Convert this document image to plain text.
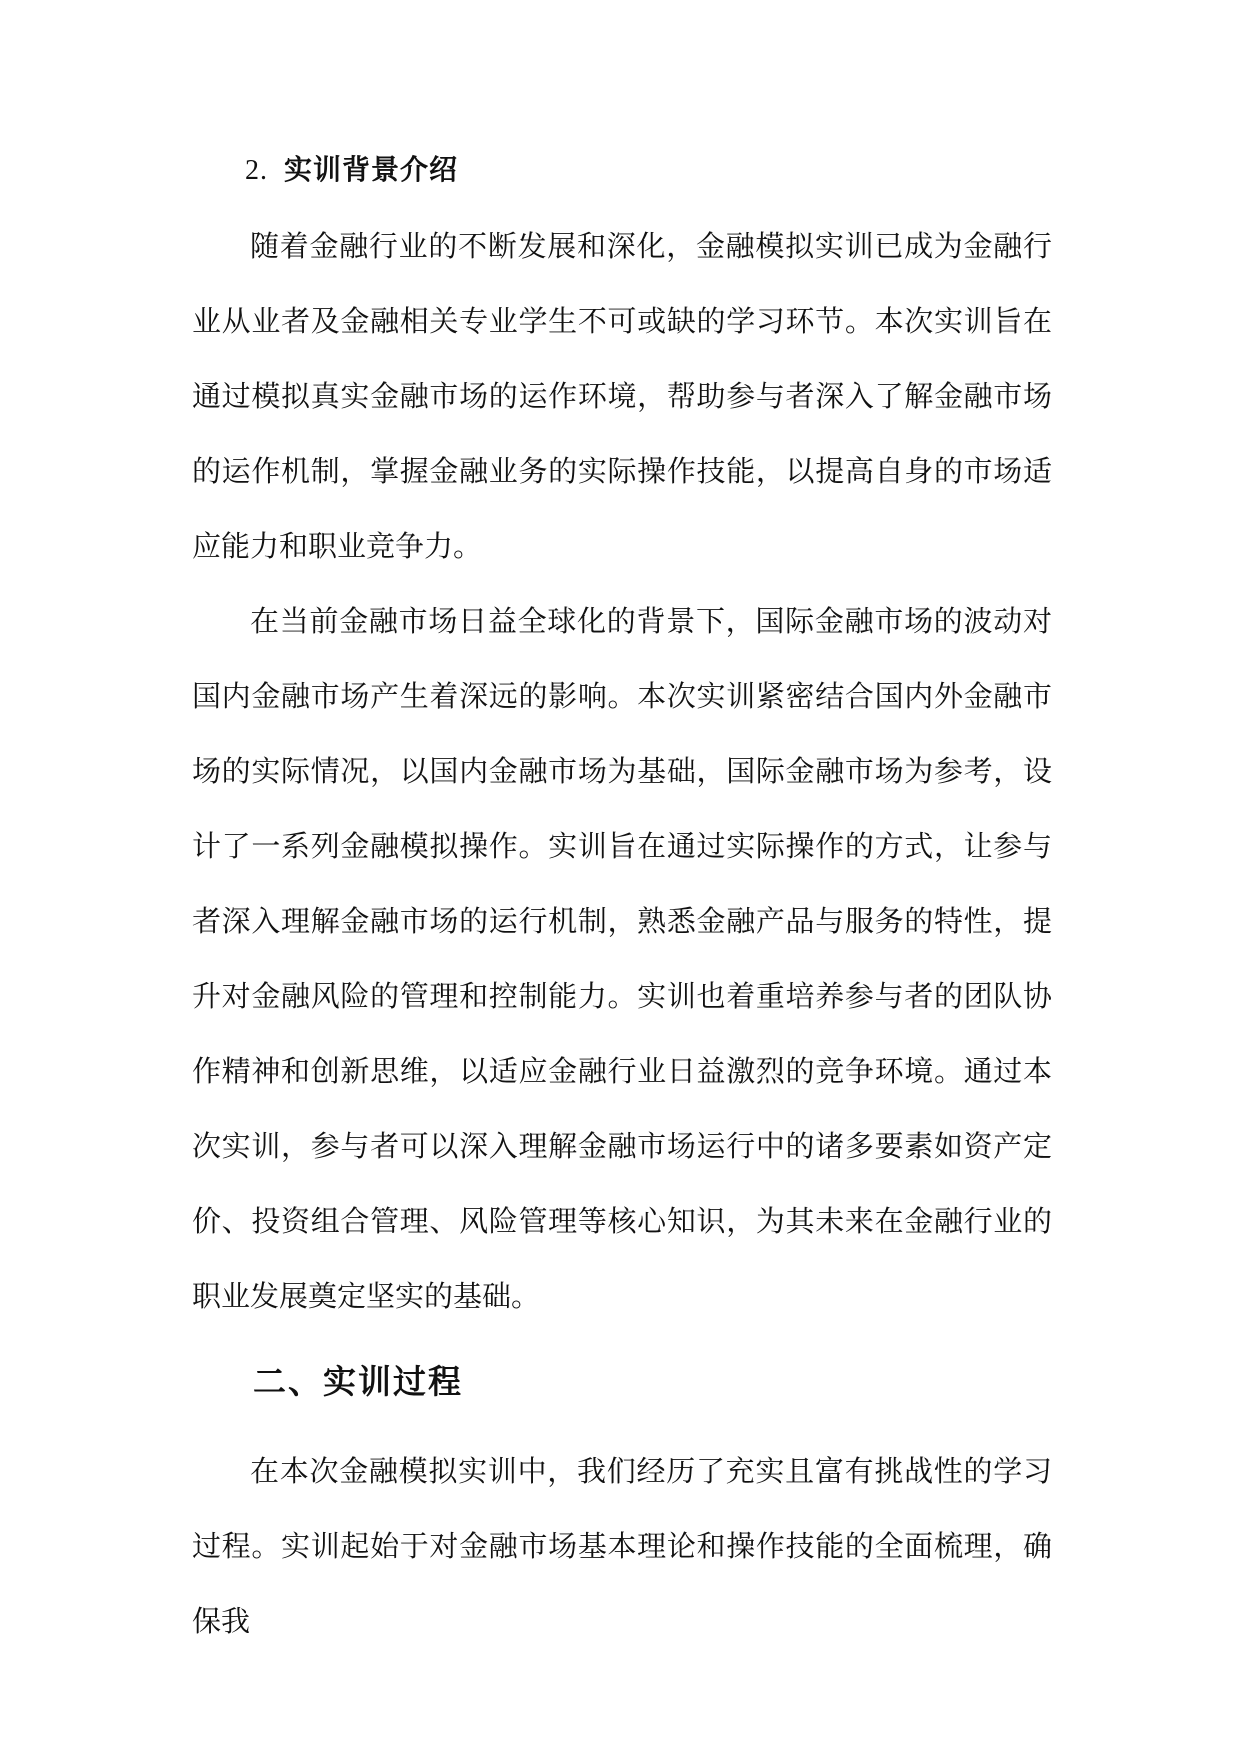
2. 实训背景介绍

随着金融行业的不断发展和深化，金融模拟实训已成为金融行业从业者及金融相关专业学生不可或缺的学习环节。本次实训旨在通过模拟真实金融市场的运作环境，帮助参与者深入了解金融市场的运作机制，掌握金融业务的实际操作技能，以提高自身的市场适应能力和职业竞争力。

在当前金融市场日益全球化的背景下，国际金融市场的波动对国内金融市场产生着深远的影响。本次实训紧密结合国内外金融市场的实际情况，以国内金融市场为基础，国际金融市场为参考，设计了一系列金融模拟操作。实训旨在通过实际操作的方式，让参与者深入理解金融市场的运行机制，熟悉金融产品与服务的特性，提升对金融风险的管理和控制能力。实训也着重培养参与者的团队协作精神和创新思维，以适应金融行业日益激烈的竞争环境。通过本次实训，参与者可以深入理解金融市场运行中的诸多要素如资产定价、投资组合管理、风险管理等核心知识，为其未来在金融行业的职业发展奠定坚实的基础。

二、实训过程

在本次金融模拟实训中，我们经历了充实且富有挑战性的学习过程。实训起始于对金融市场基本理论和操作技能的全面梳理，确保我
